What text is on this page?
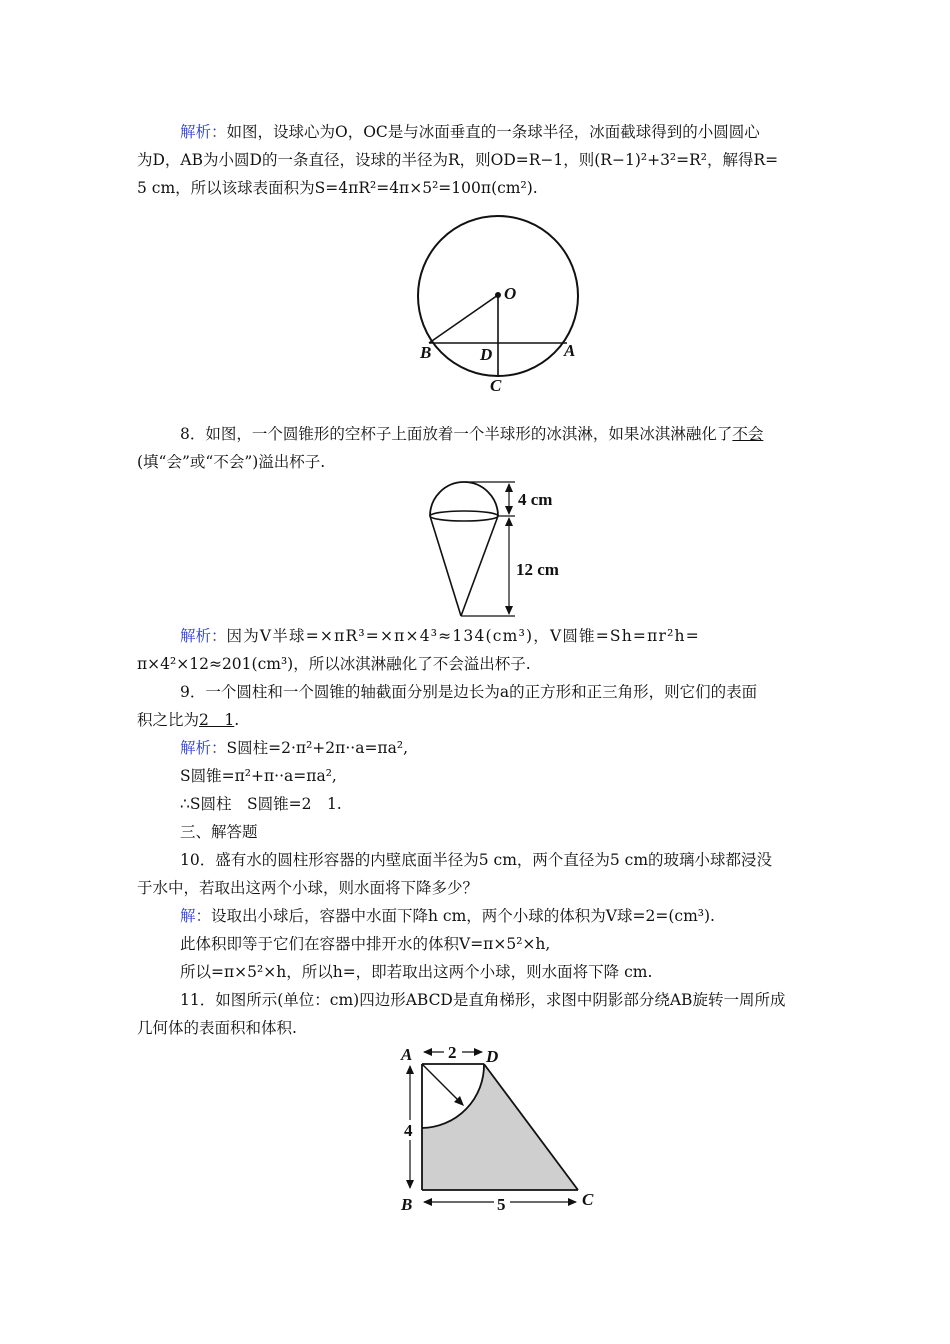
解析：如图，设球心为O，OC是与冰面垂直的一条球半径，冰面截球得到的小圆圆心
为D，AB为小圆D的一条直径，设球的半径为R，则OD=R−1，则(R−1)²+3²=R²，解得R=
5 cm，所以该球表面积为S=4πR²=4π×5²=100π(cm²).
O
B	A
D
C
8．如图，一个圆锥形的空杯子上面放着一个半球形的冰淇淋，如果冰淇淋融化了不会
(填“会”或“不会”)溢出杯子.
4 cm
12 cm
解析：因为V半球=×πR³=×π×4³≈134(cm³)，V圆锥=Sh=πr²h=
π×4²×12≈201(cm³)，所以冰淇淋融化了不会溢出杯子.
9．一个圆柱和一个圆锥的轴截面分别是边长为a的正方形和正三角形，则它们的表面
积之比为2　1.
解析：S圆柱=2·π²+2π··a=πa²,
S圆锥=π²+π··a=πa²,
∴S圆柱　S圆锥=2　1.
三、解答题
10．盛有水的圆柱形容器的内壁底面半径为5 cm，两个直径为5 cm的玻璃小球都浸没
于水中，若取出这两个小球，则水面将下降多少？
解：设取出小球后，容器中水面下降h cm，两个小球的体积为V球=2=(cm³).
此体积即等于它们在容器中排开水的体积V=π×5²×h,
所以=π×5²×h，所以h=，即若取出这两个小球，则水面将下降 cm.
11．如图所示(单位：cm)四边形ABCD是直角梯形，求图中阴影部分绕AB旋转一周所成
几何体的表面积和体积.
A	D
B	C
2
4
5
